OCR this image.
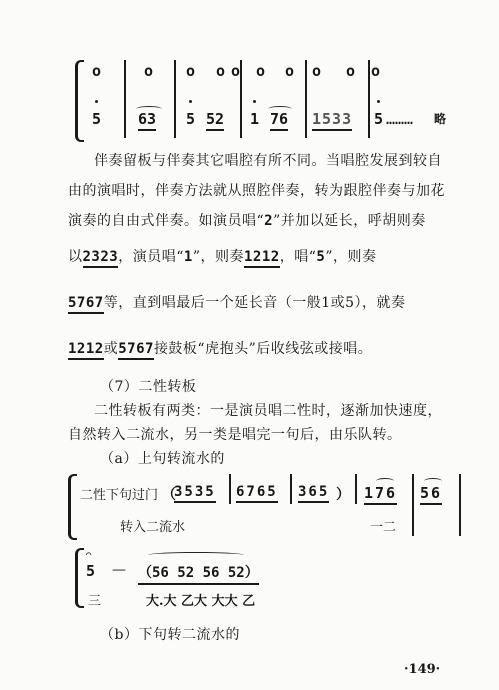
o	o o o o o o o o o
5 63 5 52 1 76 1533 5 ……… 略
伴奏留板与伴奏其它唱腔有所不同。当唱腔发展到较自
由的演唱时，伴奏方法就从照腔伴奏，转为跟腔伴奏与加花
演奏的自由式伴奏。如演员唱“2”并加以延长，呼胡则奏
以2323，演员唱“1”，则奏1212，唱“5”，则奏
5767等，直到唱最后一个延长音（一般1或5），就奏
1212或5767接鼓板“虎抱头”后收线弦或接唱。
（7）二性转板
二性转板有两类：一是演员唱二性时，逐渐加快速度，
自然转入二流水，另一类是唱完一句后，由乐队转。
（a）上句转流水的
二性下句过门 （
3535 6765 365 ） 176 56
转入二流水	一二
⌒
5 — （56 52 56 52）
三	大.大 乙大 大大 乙
（b）下句转二流水的
·149·
